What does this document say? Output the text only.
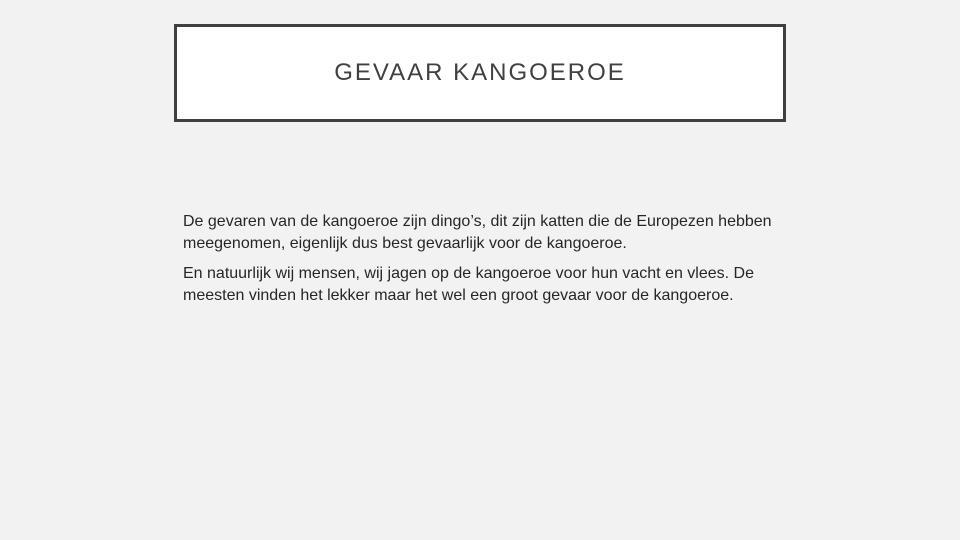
GEVAAR KANGOEROE

De gevaren van de kangoeroe zijn dingo’s, dit zijn katten die de Europezen hebben meegenomen, eigenlijk dus best gevaarlijk voor de kangoeroe.

En natuurlijk wij mensen, wij jagen op de kangoeroe voor hun vacht en vlees. De meesten vinden het lekker maar het wel een groot gevaar voor de kangoeroe.
